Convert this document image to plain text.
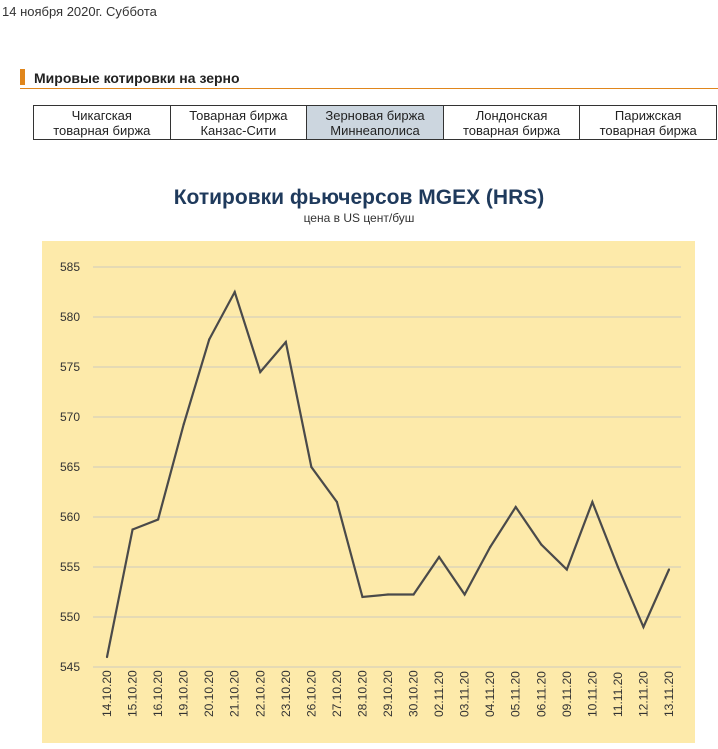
14 ноября 2020г. Суббота
Мировые котировки на зерно
Чикагская
товарная биржа
Товарная биржа
Канзас-Сити
Зерновая биржа
Миннеаполиса
Лондонская
товарная биржа
Парижская
товарная биржа
Котировки фьючерсов MGEX (HRS)
цена в US цент/буш
545
550
555
560
565
570
575
580
585
14.10.20 15.10.20 16.10.20 19.10.20 20.10.20 21.10.20 22.10.20 23.10.20 26.10.20 27.10.20 28.10.20 29.10.20 30.10.20 02.11.20 03.11.20 04.11.20 05.11.20 06.11.20 09.11.20 10.11.20 11.11.20 12.11.20 13.11.20
